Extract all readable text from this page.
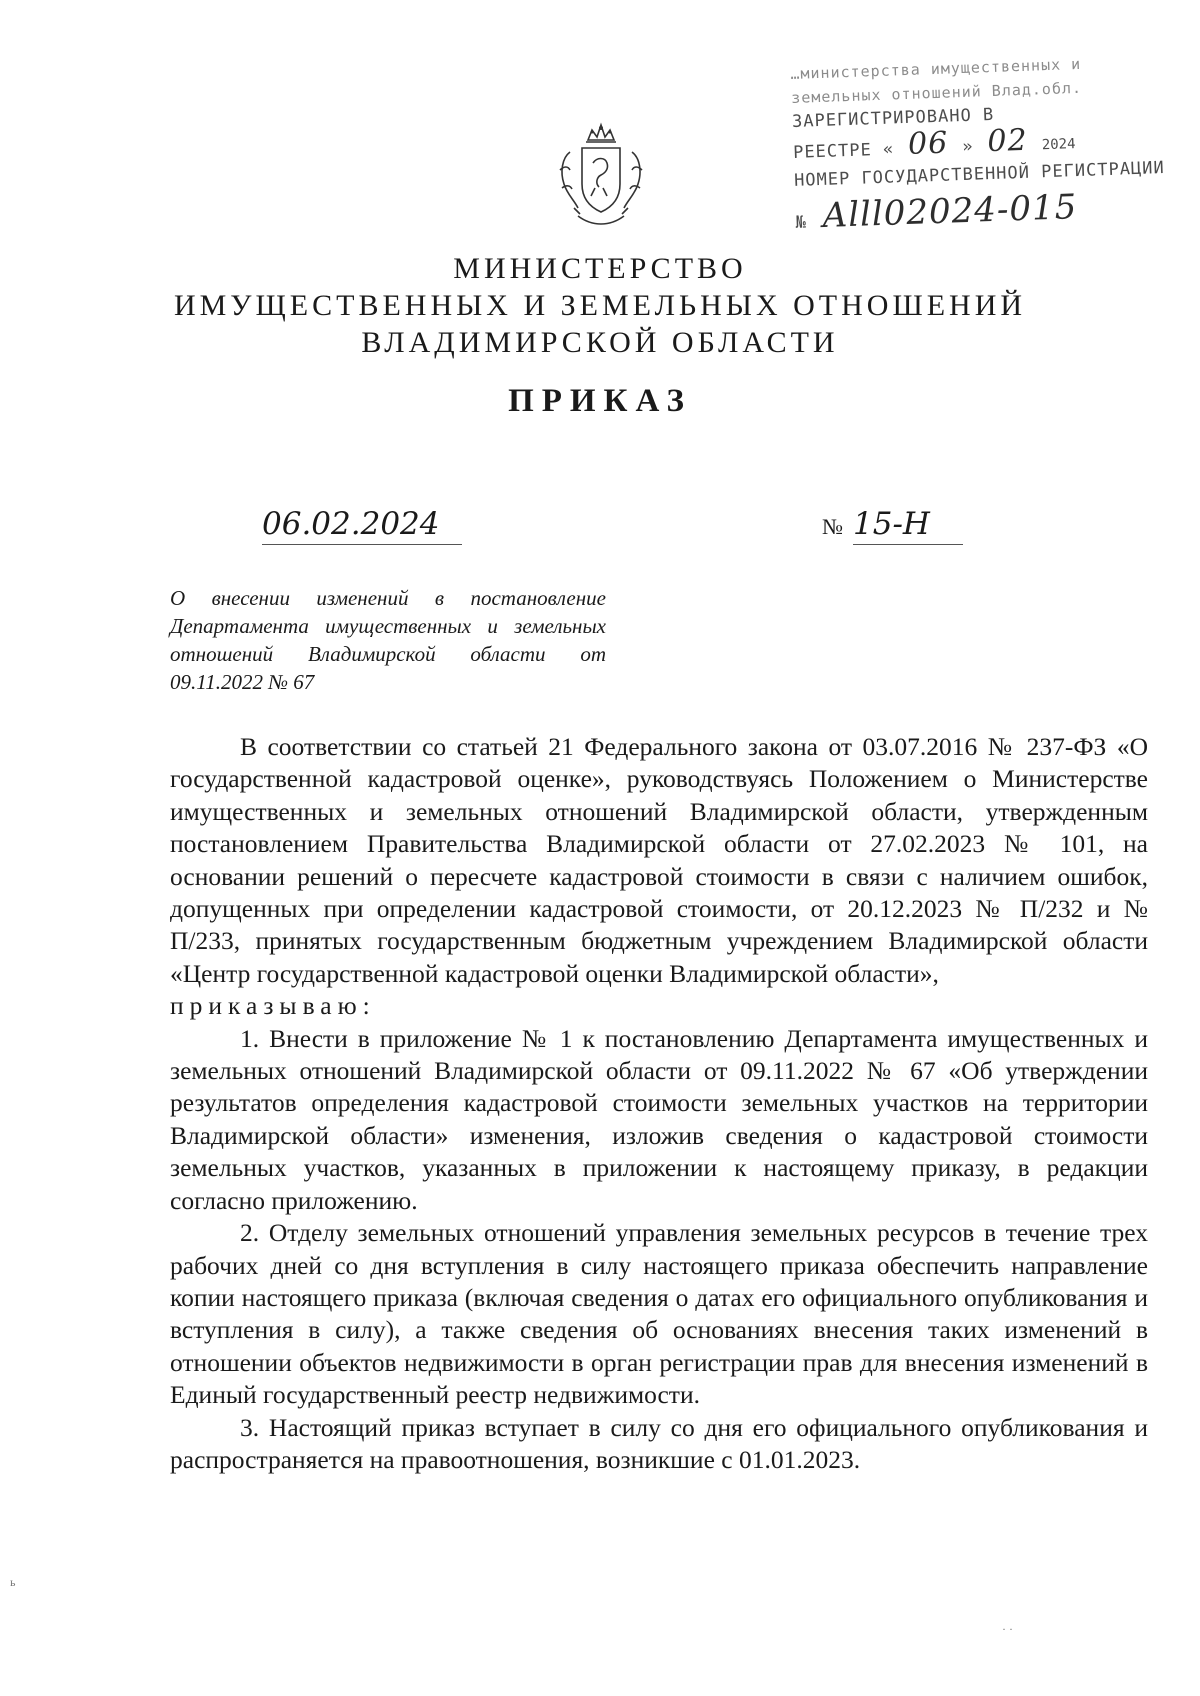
…министерства имущественных и
земельных отношений Влад.обл.
ЗАРЕГИСТРИРОВАНО В
РЕЕСТРЕ « 06 » 02 2024
НОМЕР ГОСУДАРСТВЕННОЙ РЕГИСТРАЦИИ
№ Alll02024-015
МИНИСТЕРСТВО
ИМУЩЕСТВЕННЫХ И ЗЕМЕЛЬНЫХ ОТНОШЕНИЙ
ВЛАДИМИРСКОЙ ОБЛАСТИ
ПРИКАЗ
06.02.2024	№ 15-Н
О внесении изменений в постановление Департамента имущественных и земельных отношений Владимирской области от 09.11.2022 № 67

В соответствии со статьей 21 Федерального закона от 03.07.2016 № 237-ФЗ «О государственной кадастровой оценке», руководствуясь Положением о Министерстве имущественных и земельных отношений Владимирской области, утвержденным постановлением Правительства Владимирской области от 27.02.2023 № 101, на основании решений о пересчете кадастровой стоимости в связи с наличием ошибок, допущенных при определении кадастровой стоимости, от 20.12.2023 № П/232 и № П/233, принятых государственным бюджетным учреждением Владимирской области «Центр государственной кадастровой оценки Владимирской области»,

приказываю:

1. Внести в приложение № 1 к постановлению Департамента имущественных и земельных отношений Владимирской области от 09.11.2022 № 67 «Об утверждении результатов определения кадастровой стоимости земельных участков на территории Владимирской области» изменения, изложив сведения о кадастровой стоимости земельных участков, указанных в приложении к настоящему приказу, в редакции согласно приложению.

2. Отделу земельных отношений управления земельных ресурсов в течение трех рабочих дней со дня вступления в силу настоящего приказа обеспечить направление копии настоящего приказа (включая сведения о датах его официального опубликования и вступления в силу), а также сведения об основаниях внесения таких изменений в отношении объектов недвижимости в орган регистрации прав для внесения изменений в Единый государственный реестр недвижимости.

3. Настоящий приказ вступает в силу со дня его официального опубликования и распространяется на правоотношения, возникшие с 01.01.2023.

· ·
ь
